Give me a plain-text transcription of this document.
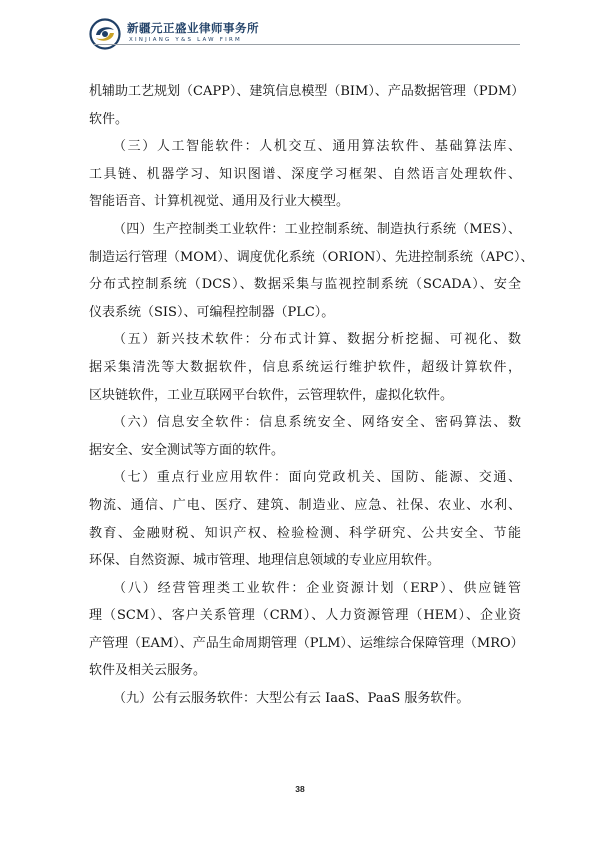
新疆元正盛业律师事务所
XINJIANG Y&S LAW FIRM
机辅助工艺规划（CAPP）、建筑信息模型（BIM）、产品数据管理（PDM）
软件。
（三）人工智能软件：人机交互、通用算法软件、基础算法库、
工具链、机器学习、知识图谱、深度学习框架、自然语言处理软件、
智能语音、计算机视觉、通用及行业大模型。
（四）生产控制类工业软件：工业控制系统、制造执行系统（MES）、
制造运行管理（MOM）、调度优化系统（ORION）、先进控制系统（APC）、
分布式控制系统（DCS）、数据采集与监视控制系统（SCADA）、安全
仪表系统（SIS）、可编程控制器（PLC）。
（五）新兴技术软件：分布式计算、数据分析挖掘、可视化、数
据采集清洗等大数据软件，信息系统运行维护软件，超级计算软件，
区块链软件，工业互联网平台软件，云管理软件，虚拟化软件。
（六）信息安全软件：信息系统安全、网络安全、密码算法、数
据安全、安全测试等方面的软件。
（七）重点行业应用软件：面向党政机关、国防、能源、交通、
物流、通信、广电、医疗、建筑、制造业、应急、社保、农业、水利、
教育、金融财税、知识产权、检验检测、科学研究、公共安全、节能
环保、自然资源、城市管理、地理信息领域的专业应用软件。
（八）经营管理类工业软件：企业资源计划（ERP）、供应链管
理（SCM）、客户关系管理（CRM）、人力资源管理（HEM）、企业资
产管理（EAM）、产品生命周期管理（PLM）、运维综合保障管理（MRO）
软件及相关云服务。
（九）公有云服务软件：大型公有云 IaaS、PaaS 服务软件。
38
